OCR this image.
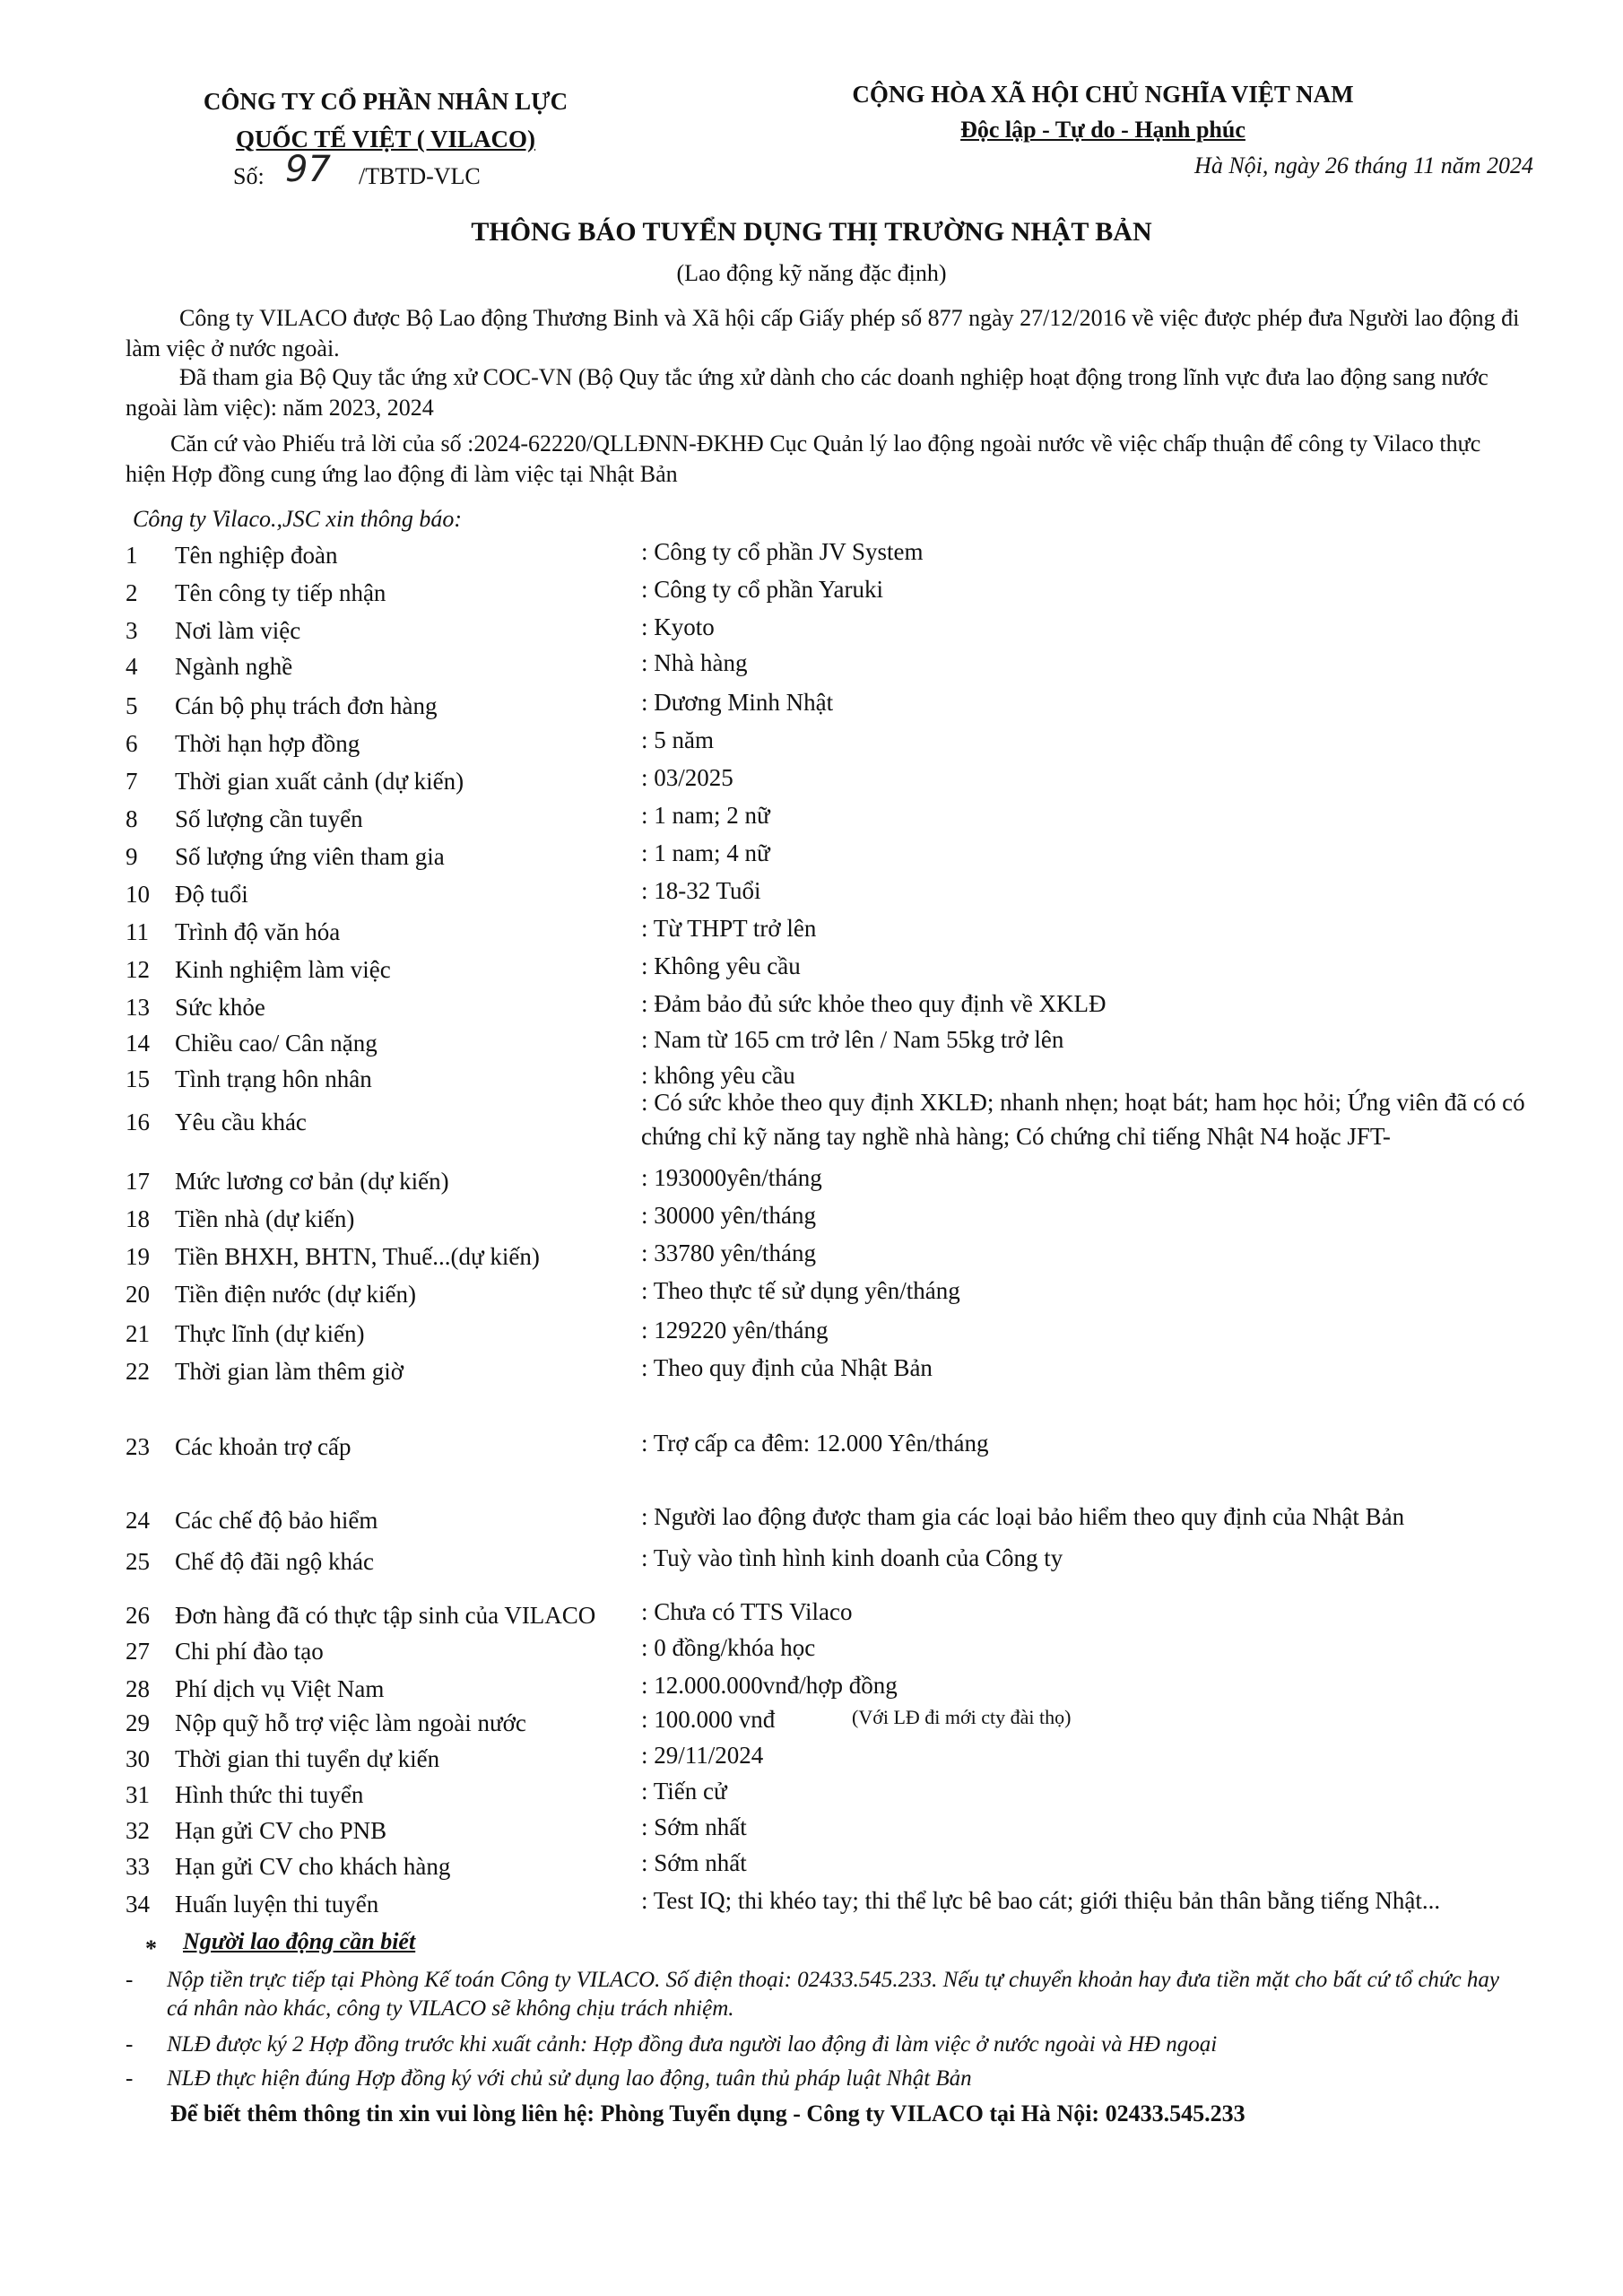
CÔNG TY CỔ PHẦN NHÂN LỰC
QUỐC TẾ VIỆT ( VILACO)
Số: 97 /TBTD-VLC
CỘNG HÒA XÃ HỘI CHỦ NGHĨA VIỆT NAM
Độc lập - Tự do - Hạnh phúc
Hà Nội, ngày 26 tháng 11 năm 2024
THÔNG BÁO TUYỂN DỤNG THỊ TRƯỜNG NHẬT BẢN
(Lao động kỹ năng đặc định)
Công ty VILACO được Bộ Lao động Thương Binh và Xã hội cấp Giấy phép số 877 ngày 27/12/2016 về việc được phép đưa Người lao động đi làm việc ở nước ngoài.
Đã tham gia Bộ Quy tắc ứng xử COC-VN (Bộ Quy tắc ứng xử dành cho các doanh nghiệp hoạt động trong lĩnh vực đưa lao động sang nước ngoài làm việc): năm 2023, 2024
Căn cứ vào Phiếu trả lời của số :2024-62220/QLLĐNN-ĐKHĐ Cục Quản lý lao động ngoài nước về việc chấp thuận để công ty Vilaco thực hiện Hợp đồng cung ứng lao động đi làm việc tại Nhật Bản
Công ty Vilaco.,JSC xin thông báo:
1	Tên nghiệp đoàn	: Công ty cổ phần JV System
2	Tên công ty tiếp nhận	: Công ty cổ phần Yaruki
3	Nơi làm việc	: Kyoto
4	Ngành nghề	: Nhà hàng
5	Cán bộ phụ trách đơn hàng	: Dương Minh Nhật
6	Thời hạn hợp đồng	: 5 năm
7	Thời gian xuất cảnh (dự kiến)	: 03/2025
8	Số lượng cần tuyển	: 1 nam; 2 nữ
9	Số lượng ứng viên tham gia	: 1 nam; 4 nữ
10	Độ tuổi	: 18-32 Tuổi
11	Trình độ văn hóa	: Từ THPT trở lên
12	Kinh nghiệm làm việc	: Không yêu cầu
13	Sức khỏe	: Đảm bảo đủ sức khỏe theo quy định về XKLĐ
14	Chiều cao/ Cân nặng	: Nam từ 165 cm trở lên / Nam 55kg trở lên
15	Tình trạng hôn nhân	: không yêu cầu
16	Yêu cầu khác
: Có sức khỏe theo quy định XKLĐ; nhanh nhẹn; hoạt bát; ham học hỏi; Ứng viên đã có có chứng chỉ kỹ năng tay nghề nhà hàng; Có chứng chỉ tiếng Nhật N4 hoặc JFT-
17	Mức lương cơ bản (dự kiến)	: 193000yên/tháng
18	Tiền nhà (dự kiến)	: 30000 yên/tháng
19	Tiền BHXH, BHTN, Thuế...(dự kiến)	: 33780 yên/tháng
20	Tiền điện nước (dự kiến)	: Theo thực tế sử dụng yên/tháng
21	Thực lĩnh (dự kiến)	: 129220 yên/tháng
22	Thời gian làm thêm giờ	: Theo quy định của Nhật Bản
23	Các khoản trợ cấp	: Trợ cấp ca đêm: 12.000 Yên/tháng
24	Các chế độ bảo hiểm	: Người lao động được tham gia các loại bảo hiểm theo quy định của Nhật Bản
25	Chế độ đãi ngộ khác	: Tuỳ vào tình hình kinh doanh của Công ty
26	Đơn hàng đã có thực tập sinh của VILACO	: Chưa có TTS Vilaco
27	Chi phí đào tạo	: 0 đồng/khóa học
28	Phí dịch vụ Việt Nam	: 12.000.000vnđ/hợp đồng
29	Nộp quỹ hỗ trợ việc làm ngoài nước	: 100.000 vnđ	(Với LĐ đi mới cty đài thọ)
30	Thời gian thi tuyển dự kiến	: 29/11/2024
31	Hình thức thi tuyển	: Tiến cử
32	Hạn gửi CV cho PNB	: Sớm nhất
33	Hạn gửi CV cho khách hàng	: Sớm nhất
34	Huấn luyện thi tuyển	: Test IQ; thi khéo tay; thi thể lực bê bao cát; giới thiệu bản thân bằng tiếng Nhật...
* Người lao động cần biết
- Nộp tiền trực tiếp tại Phòng Kế toán Công ty VILACO. Số điện thoại: 02433.545.233. Nếu tự chuyển khoản hay đưa tiền mặt cho bất cứ tổ chức hay cá nhân nào khác, công ty VILACO sẽ không chịu trách nhiệm.
- NLĐ được ký 2 Hợp đồng trước khi xuất cảnh: Hợp đồng đưa người lao động đi làm việc ở nước ngoài và HĐ ngoại
- NLĐ thực hiện đúng Hợp đồng ký với chủ sử dụng lao động, tuân thủ pháp luật Nhật Bản
Để biết thêm thông tin xin vui lòng liên hệ: Phòng Tuyển dụng - Công ty VILACO tại Hà Nội: 02433.545.233
